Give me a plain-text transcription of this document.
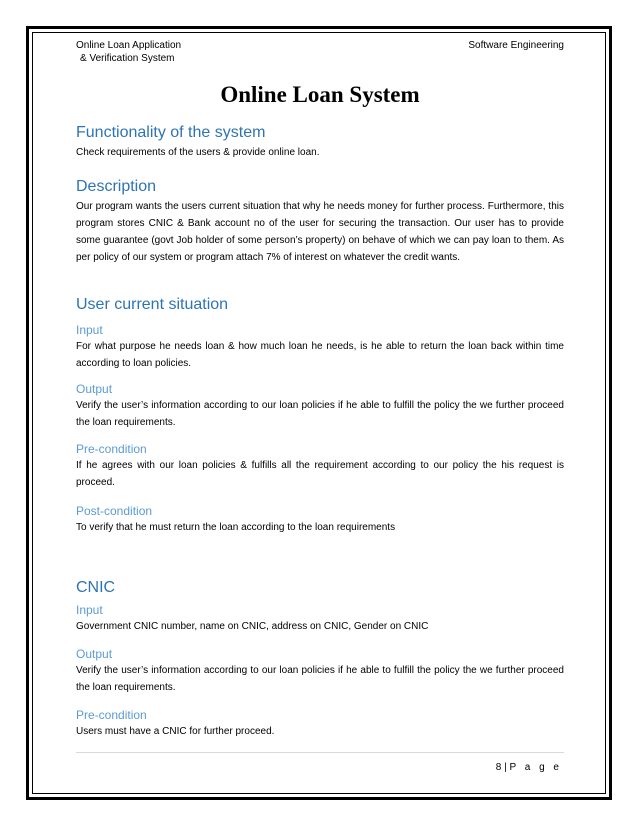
Online Loan Application
& Verification System
Software Engineering
Online Loan System
Functionality of the system
Check requirements of the users & provide online loan.
Description
Our program wants the users current situation that why he needs money for further process. Furthermore, this program stores CNIC & Bank account no of the user for securing the transaction. Our user has to provide some guarantee (govt Job holder of some person’s property) on behave of which we can pay loan to them. As per policy of our system or program attach 7% of interest on whatever the credit wants.
User current situation
Input
For what purpose he needs loan & how much loan he needs, is he able to return the loan back within time according to loan policies.
Output
Verify the user’s information according to our loan policies if he able to fulfill the policy the we further proceed the loan requirements.
Pre-condition
If he agrees with our loan policies & fulfills all the requirement according to our policy the his request is proceed.
Post-condition
To verify that he must return the loan according to the loan requirements
CNIC
Input
Government CNIC number, name on CNIC, address on CNIC, Gender on CNIC
Output
Verify the user’s information according to our loan policies if he able to fulfill the policy the we further proceed the loan requirements.
Pre-condition
Users must have a CNIC for further proceed.
8 | P a g e
